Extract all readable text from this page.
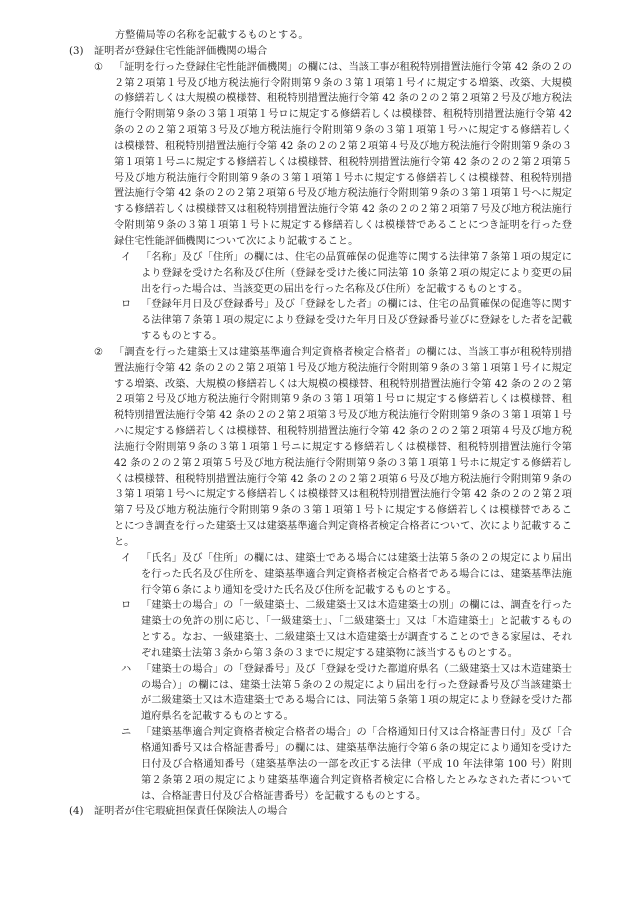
方整備局等の名称を記載するものとする。
(3) 証明者が登録住宅性能評価機関の場合
① 「証明を行った登録住宅性能評価機関」の欄には、当該工事が租税特別措置法施行令第 42 条の２の２第２項第１号及び地方税法施行令附則第９条の３第１項第１号イに規定する増築、改築、大規模の修繕若しくは大規模の模様替、租税特別措置法施行令第 42 条の２の２第２項第２号及び地方税法施行令附則第９条の３第１項第１号ロに規定する修繕若しくは模様替、租税特別措置法施行令第 42 条の２の２第２項第３号及び地方税法施行令附則第９条の３第１項第１号ハに規定する修繕若しくは模様替、租税特別措置法施行令第 42 条の２の２第２項第４号及び地方税法施行令附則第９条の３第１項第１号ニに規定する修繕若しくは模様替、租税特別措置法施行令第 42 条の２の２第２項第５号及び地方税法施行令附則第９条の３第１項第１号ホに規定する修繕若しくは模様替、租税特別措置法施行令第 42 条の２の２第２項第６号及び地方税法施行令附則第９条の３第１項第１号へに規定する修繕若しくは模様替又は租税特別措置法施行令第 42 条の２の２第２項第７号及び地方税法施行令附則第９条の３第１項第１号トに規定する修繕若しくは模様替であることにつき証明を行った登録住宅性能評価機関について次により記載すること。
イ 「名称」及び「住所」の欄には、住宅の品質確保の促進等に関する法律第７条第１項の規定により登録を受けた名称及び住所（登録を受けた後に同法第 10 条第２項の規定により変更の届出を行った場合は、当該変更の届出を行った名称及び住所）を記載するものとする。
ロ 「登録年月日及び登録番号」及び「登録をした者」の欄には、住宅の品質確保の促進等に関する法律第７条第１項の規定により登録を受けた年月日及び登録番号並びに登録をした者を記載するものとする。
② 「調査を行った建築士又は建築基準適合判定資格者検定合格者」の欄には、当該工事が租税特別措置法施行令第 42 条の２の２第２項第１号及び地方税法施行令附則第９条の３第１項第１号イに規定する増築、改築、大規模の修繕若しくは大規模の模様替、租税特別措置法施行令第 42 条の２の２第２項第２号及び地方税法施行令附則第９条の３第１項第１号ロに規定する修繕若しくは模様替、租税特別措置法施行令第 42 条の２の２第２項第３号及び地方税法施行令附則第９条の３第１項第１号ハに規定する修繕若しくは模様替、租税特別措置法施行令第 42 条の２の２第２項第４号及び地方税法施行令附則第９条の３第１項第１号ニに規定する修繕若しくは模様替、租税特別措置法施行令第 42 条の２の２第２項第５号及び地方税法施行令附則第９条の３第１項第１号ホに規定する修繕若しくは模様替、租税特別措置法施行令第 42 条の２の２第２項第６号及び地方税法施行令附則第９条の３第１項第１号へに規定する修繕若しくは模様替又は租税特別措置法施行令第 42 条の２の２第２項第７号及び地方税法施行令附則第９条の３第１項第１号トに規定する修繕若しくは模様替であることにつき調査を行った建築士又は建築基準適合判定資格者検定合格者について、次により記載すること。
イ 「氏名」及び「住所」の欄には、建築士である場合には建築士法第５条の２の規定により届出を行った氏名及び住所を、建築基準適合判定資格者検定合格者である場合には、建築基準法施行令第６条により通知を受けた氏名及び住所を記載するものとする。
ロ 「建築士の場合」の「一級建築士、二級建築士又は木造建築士の別」の欄には、調査を行った建築士の免許の別に応じ、「一級建築士」、「二級建築士」又は「木造建築士」と記載するものとする。なお、一級建築士、二級建築士又は木造建築士が調査することのできる家屋は、それぞれ建築士法第３条から第３条の３までに規定する建築物に該当するものとする。
ハ 「建築士の場合」の「登録番号」及び「登録を受けた都道府県名（二級建築士又は木造建築士の場合）」の欄には、建築士法第５条の２の規定により届出を行った登録番号及び当該建築士が二級建築士又は木造建築士である場合には、同法第５条第１項の規定により登録を受けた都道府県名を記載するものとする。
ニ 「建築基準適合判定資格者検定合格者の場合」の「合格通知日付又は合格証書日付」及び「合格通知番号又は合格証書番号」の欄には、建築基準法施行令第６条の規定により通知を受けた日付及び合格通知番号（建築基準法の一部を改正する法律（平成 10 年法律第 100 号）附則第２条第２項の規定により建築基準適合判定資格者検定に合格したとみなされた者については、合格証書日付及び合格証書番号）を記載するものとする。
(4) 証明者が住宅瑕疵担保責任保険法人の場合
